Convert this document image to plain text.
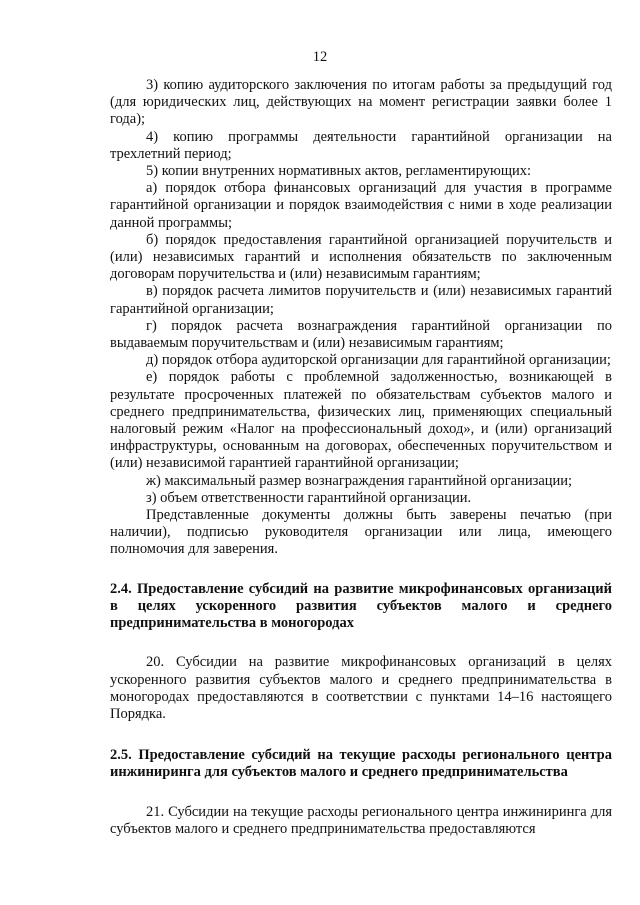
12

3) копию аудиторского заключения по итогам работы за предыдущий год (для юридических лиц, действующих на момент регистрации заявки более 1 года);

4) копию программы деятельности гарантийной организации на трехлетний период;

5) копии внутренних нормативных актов, регламентирующих:

а) порядок отбора финансовых организаций для участия в программе гарантийной организации и порядок взаимодействия с ними в ходе реализации данной программы;

б) порядок предоставления гарантийной организацией поручительств и (или) независимых гарантий и исполнения обязательств по заключенным договорам поручительства и (или) независимым гарантиям;

в) порядок расчета лимитов поручительств и (или) независимых гарантий гарантийной организации;

г) порядок расчета вознаграждения гарантийной организации по выдаваемым поручительствам и (или) независимым гарантиям;

д) порядок отбора аудиторской организации для гарантийной организации;

е) порядок работы с проблемной задолженностью, возникающей в результате просроченных платежей по обязательствам субъектов малого и среднего предпринимательства, физических лиц, применяющих специальный налоговый режим «Налог на профессиональный доход», и (или) организаций инфраструктуры, основанным на договорах, обеспеченных поручительством и (или) независимой гарантией гарантийной организации;

ж) максимальный размер вознаграждения гарантийной организации;

з) объем ответственности гарантийной организации.

Представленные документы должны быть заверены печатью (при наличии), подписью руководителя организации или лица, имеющего полномочия для заверения.

2.4. Предоставление субсидий на развитие микрофинансовых организаций в целях ускоренного развития субъектов малого и среднего предпринимательства в моногородах

20. Субсидии на развитие микрофинансовых организаций в целях ускоренного развития субъектов малого и среднего предпринимательства в моногородах предоставляются в соответствии с пунктами 14–16 настоящего Порядка.

2.5. Предоставление субсидий на текущие расходы регионального центра инжиниринга для субъектов малого и среднего предпринимательства

21. Субсидии на текущие расходы регионального центра инжиниринга для субъектов малого и среднего предпринимательства предоставляются
